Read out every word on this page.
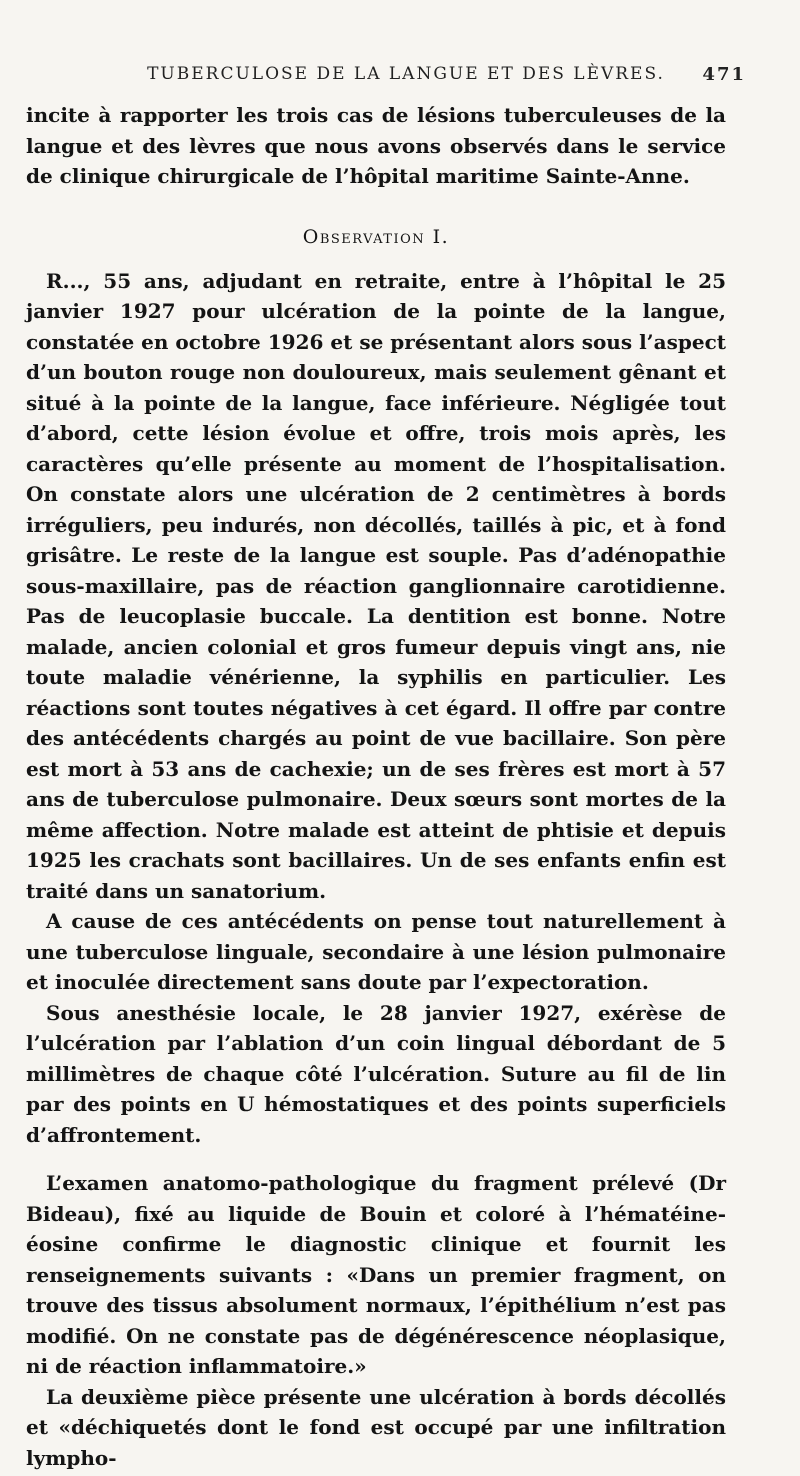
TUBERCULOSE DE LA LANGUE ET DES LÈVRES. 471

incite à rapporter les trois cas de lésions tuberculeuses de la langue et des lèvres que nous avons observés dans le service de clinique chirurgicale de l’hôpital maritime Sainte-Anne.

Observation I.

R..., 55 ans, adjudant en retraite, entre à l’hôpital le 25 janvier 1927 pour ulcération de la pointe de la langue, constatée en octobre 1926 et se présentant alors sous l’aspect d’un bouton rouge non douloureux, mais seulement gênant et situé à la pointe de la langue, face inférieure. Négligée tout d’abord, cette lésion évolue et offre, trois mois après, les caractères qu’elle présente au moment de l’hospitalisation. On constate alors une ulcération de 2 centimètres à bords irréguliers, peu indurés, non décollés, taillés à pic, et à fond grisâtre. Le reste de la langue est souple. Pas d’adénopathie sous-maxillaire, pas de réaction ganglionnaire carotidienne. Pas de leucoplasie buccale. La dentition est bonne. Notre malade, ancien colonial et gros fumeur depuis vingt ans, nie toute maladie vénérienne, la syphilis en particulier. Les réactions sont toutes négatives à cet égard. Il offre par contre des antécédents chargés au point de vue bacillaire. Son père est mort à 53 ans de cachexie; un de ses frères est mort à 57 ans de tuberculose pulmonaire. Deux sœurs sont mortes de la même affection. Notre malade est atteint de phtisie et depuis 1925 les crachats sont bacillaires. Un de ses enfants enfin est traité dans un sanatorium.

A cause de ces antécédents on pense tout naturellement à une tuberculose linguale, secondaire à une lésion pulmonaire et inoculée directement sans doute par l’expectoration.

Sous anesthésie locale, le 28 janvier 1927, exérèse de l’ulcération par l’ablation d’un coin lingual débordant de 5 millimètres de chaque côté l’ulcération. Suture au fil de lin par des points en U hémostatiques et des points superficiels d’affrontement.

L’examen anatomo-pathologique du fragment prélevé (Dr Bideau), fixé au liquide de Bouin et coloré à l’hématéine-éosine confirme le diagnostic clinique et fournit les renseignements suivants : «Dans un premier fragment, on trouve des tissus absolument normaux, l’épithélium n’est pas modifié. On ne constate pas de dégénérescence néoplasique, ni de réaction inflammatoire.»

La deuxième pièce présente une ulcération à bords décollés et «déchiquetés dont le fond est occupé par une infiltration lympho-
